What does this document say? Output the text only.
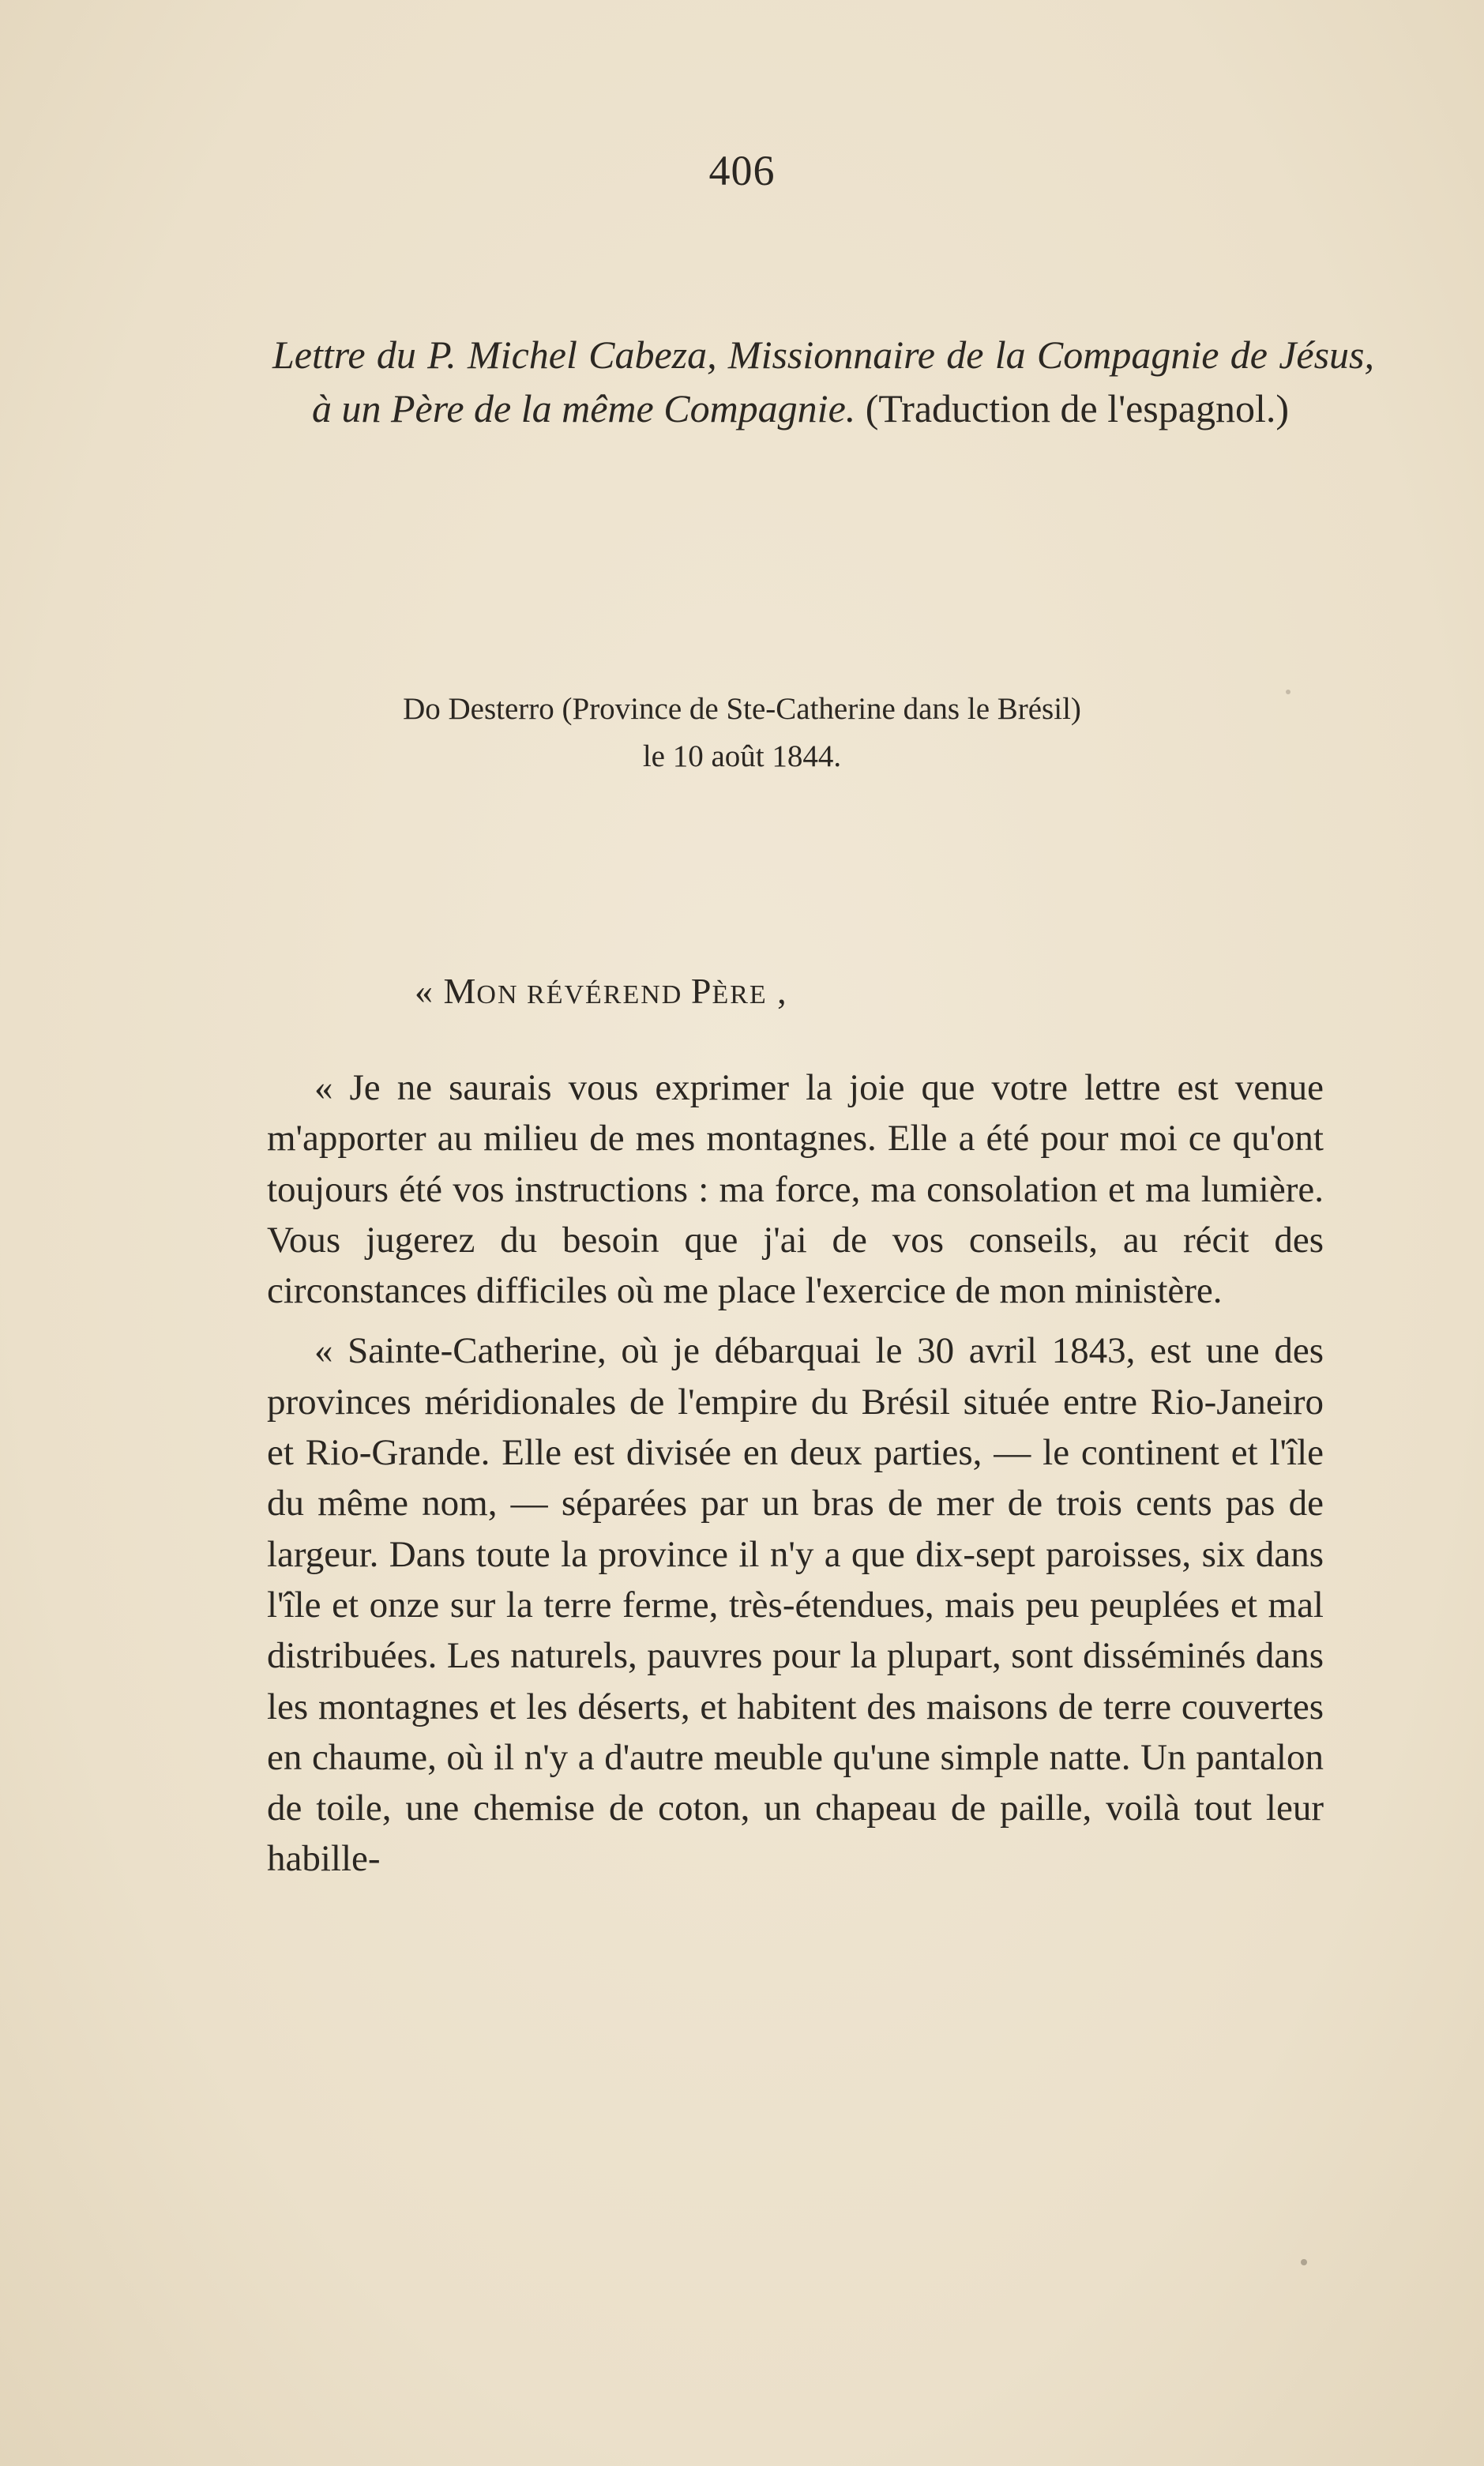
406
Lettre du P. Michel Cabeza, Missionnaire de la Compagnie de Jésus, à un Père de la même Compagnie. (Traduction de l'espagnol.)
Do Desterro (Province de Ste-Catherine dans le Brésil)
le 10 août 1844.
« MON RÉVÉREND PÈRE ,

« Je ne saurais vous exprimer la joie que votre lettre est venue m'apporter au milieu de mes montagnes. Elle a été pour moi ce qu'ont toujours été vos instructions : ma force, ma consolation et ma lumière. Vous jugerez du besoin que j'ai de vos conseils, au récit des circonstances difficiles où me place l'exercice de mon ministère.

« Sainte-Catherine, où je débarquai le 30 avril 1843, est une des provinces méridionales de l'empire du Brésil située entre Rio-Janeiro et Rio-Grande. Elle est divisée en deux parties, — le continent et l'île du même nom, — séparées par un bras de mer de trois cents pas de largeur. Dans toute la province il n'y a que dix-sept paroisses, six dans l'île et onze sur la terre ferme, très-étendues, mais peu peuplées et mal distribuées. Les naturels, pauvres pour la plupart, sont disséminés dans les montagnes et les déserts, et habitent des maisons de terre couvertes en chaume, où il n'y a d'autre meuble qu'une simple natte. Un pantalon de toile, une chemise de coton, un chapeau de paille, voilà tout leur habille-
